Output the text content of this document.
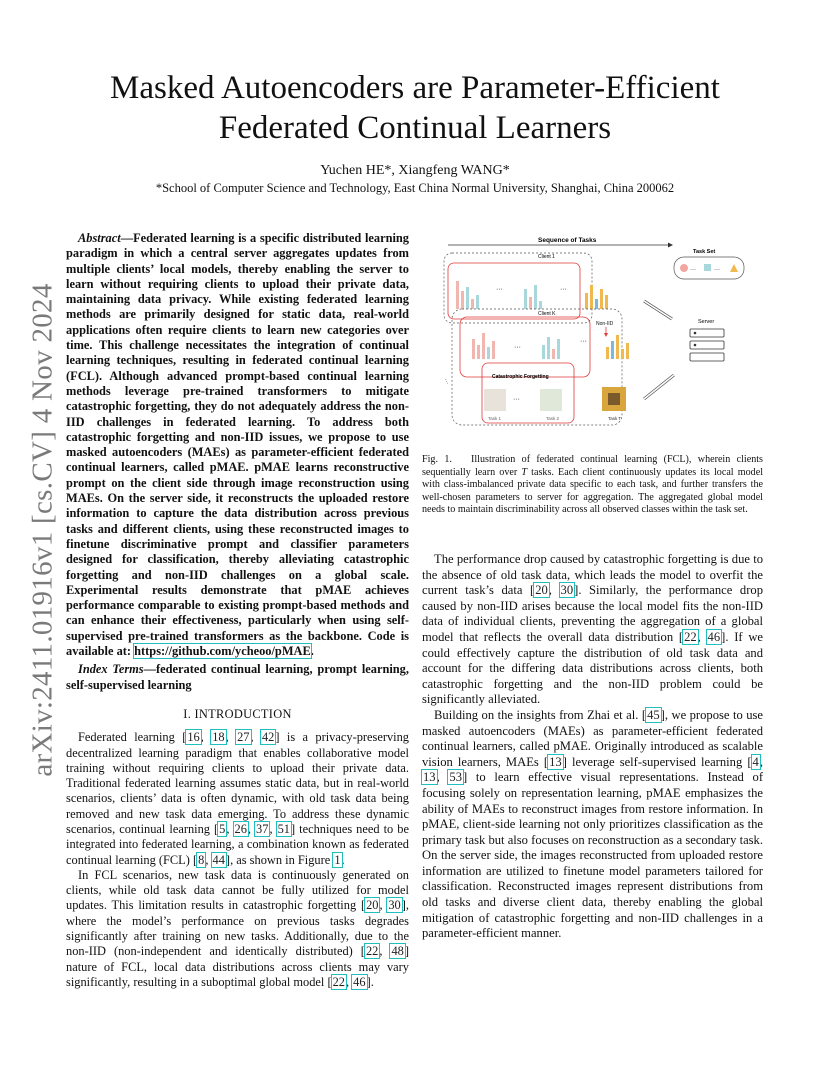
arXiv:2411.01916v1 [cs.CV] 4 Nov 2024
Masked Autoencoders are Parameter-Efficient
Federated Continual Learners
Yuchen HE*, Xiangfeng WANG*
*School of Computer Science and Technology, East China Normal University, Shanghai, China 200062

Abstract—Federated learning is a specific distributed learning paradigm in which a central server aggregates updates from multiple clients’ local models, thereby enabling the server to learn without requiring clients to upload their private data, maintaining data privacy. While existing federated learning methods are primarily designed for static data, real-world applications often require clients to learn new categories over time. This challenge necessitates the integration of continual learning techniques, resulting in federated continual learning (FCL). Although advanced prompt-based continual learning methods leverage pre-trained transformers to mitigate catastrophic forgetting, they do not adequately address the non-IID challenges in federated learning. To address both catastrophic forgetting and non-IID issues, we propose to use masked autoencoders (MAEs) as parameter-efficient federated continual learners, called pMAE. pMAE learns reconstructive prompt on the client side through image reconstruction using MAEs. On the server side, it reconstructs the uploaded restore information to capture the data distribution across previous tasks and different clients, using these reconstructed images to finetune discriminative prompt and classifier parameters designed for classification, thereby alleviating catastrophic forgetting and non-IID challenges on a global scale. Experimental results demonstrate that pMAE achieves performance comparable to existing prompt-based methods and can enhance their effectiveness, particularly when using self-supervised pre-trained transformers as the backbone. Code is available at: https://github.com/ycheoo/pMAE.

Index Terms—federated continual learning, prompt learning, self-supervised learning

I. INTRODUCTION

Federated learning [16, 18, 27, 42] is a privacy-preserving decentralized learning paradigm that enables collaborative model training without requiring clients to upload their private data. Traditional federated learning assumes static data, but in real-world scenarios, clients’ data is often dynamic, with old task data being removed and new task data emerging. To address these dynamic scenarios, continual learning [5, 26, 37, 51] techniques need to be integrated into federated learning, a combination known as federated continual learning (FCL) [8, 44], as shown in Figure 1.

In FCL scenarios, new task data is continuously generated on clients, while old task data cannot be fully utilized for model updates. This limitation results in catastrophic forgetting [20, 30], where the model’s performance on previous tasks degrades significantly after training on new tasks. Additionally, due to the non-IID (non-independent and identically distributed) [22, 48] nature of FCL, local data distributions across clients may vary significantly, resulting in a suboptimal global model [22, 46].

Sequence of Tasks
Client 1
···	···
Client K
···
···
Non-IID
Catastrophic Forgetting
···
Task 1	Task 2	Task T
Task Set
···	···
Server
···
Fig. 1. Illustration of federated continual learning (FCL), wherein clients sequentially learn over T tasks. Each client continuously updates its local model with class-imbalanced private data specific to each task, and further transfers the well-chosen parameters to server for aggregation. The aggregated global model needs to maintain discriminability across all observed classes within the task set.

The performance drop caused by catastrophic forgetting is due to the absence of old task data, which leads the model to overfit the current task’s data [20, 30]. Similarly, the performance drop caused by non-IID arises because the local model fits the non-IID data of individual clients, preventing the aggregation of a global model that reflects the overall data distribution [22, 46]. If we could effectively capture the distribution of old task data and account for the differing data distributions across clients, both catastrophic forgetting and the non-IID problem could be significantly alleviated.

Building on the insights from Zhai et al. [45], we propose to use masked autoencoders (MAEs) as parameter-efficient federated continual learners, called pMAE. Originally introduced as scalable vision learners, MAEs [13] leverage self-supervised learning [4, 13, 53] to learn effective visual representations. Instead of focusing solely on representation learning, pMAE emphasizes the ability of MAEs to reconstruct images from restore information. In pMAE, client-side learning not only prioritizes classification as the primary task but also focuses on reconstruction as a secondary task. On the server side, the images reconstructed from uploaded restore information are utilized to finetune model parameters tailored for classification. Reconstructed images represent distributions from old tasks and diverse client data, thereby enabling the global mitigation of catastrophic forgetting and non-IID challenges in a parameter-efficient manner.
